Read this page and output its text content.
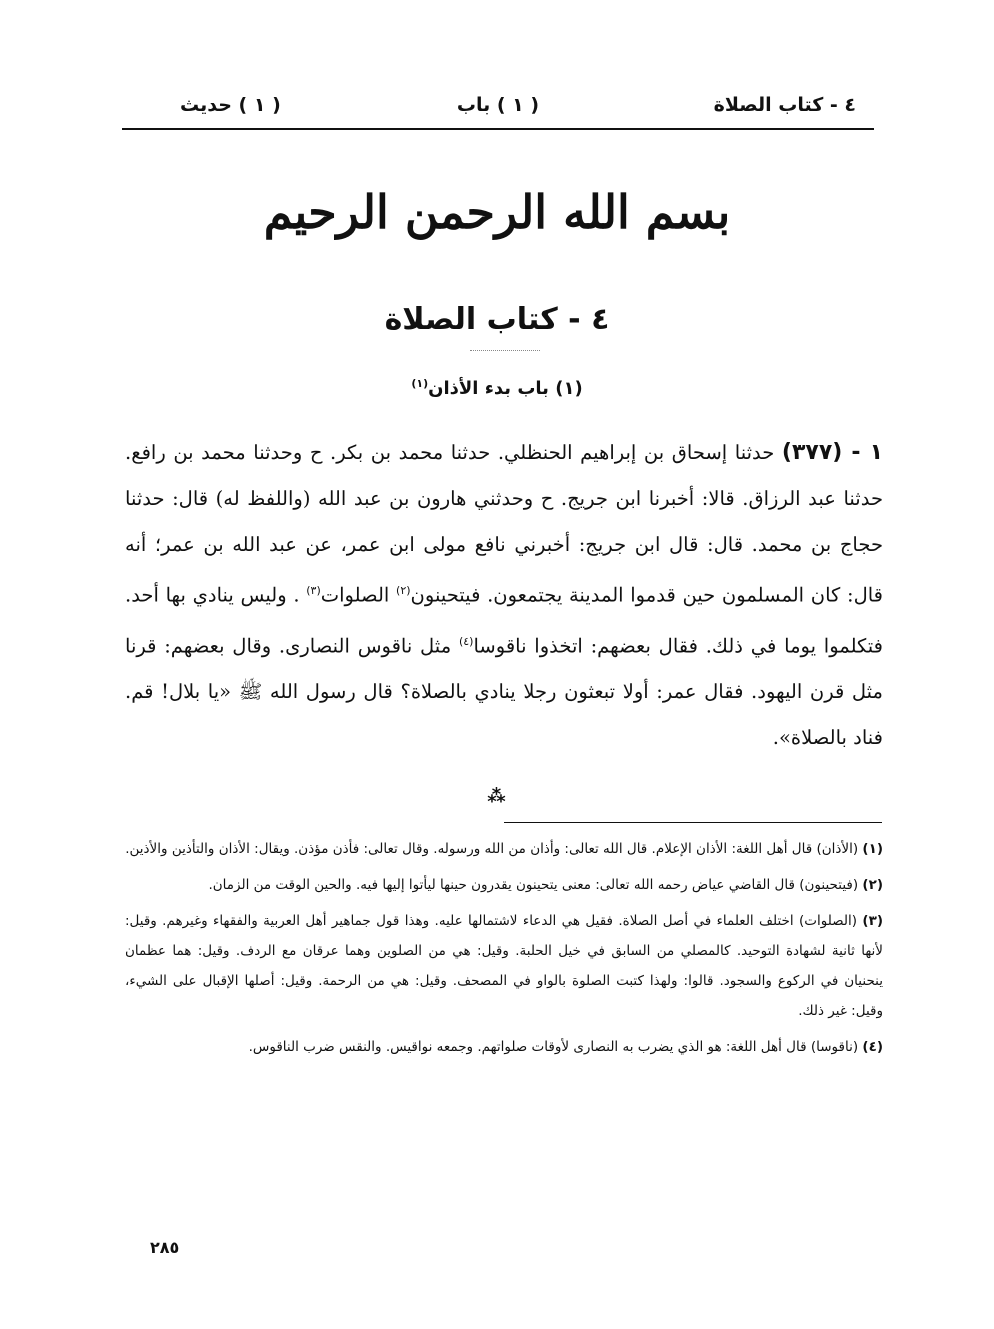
٤ - كتاب الصلاة
( ١ ) باب
( ١ ) حديث
بسم الله الرحمن الرحيم
٤ - كتاب الصلاة
(١) باب بدء الأذان$^{(١)}$
١ - (٣٧٧) حدثنا إسحاق بن إبراهيم الحنظلي. حدثنا محمد بن بكر. ح وحدثنا محمد بن رافع. حدثنا عبد الرزاق. قالا: أخبرنا ابن جريج. ح وحدثني هارون بن عبد الله (واللفظ له) قال: حدثنا حجاج بن محمد. قال: قال ابن جريج: أخبرني نافع مولى ابن عمر، عن عبد الله بن عمر؛ أنه قال: كان المسلمون حين قدموا المدينة يجتمعون. فيتحينون$^{(٢)}$ الصلوات$^{(٣)}$ . وليس ينادي بها أحد. فتكلموا يوما في ذلك. فقال بعضهم: اتخذوا ناقوسا$^{(٤)}$ مثل ناقوس النصارى. وقال بعضهم: قرنا مثل قرن اليهود. فقال عمر: أولا تبعثون رجلا ينادي بالصلاة؟ قال رسول الله ﷺ «يا بلال! قم. فناد بالصلاة».
⁂

(١) (الأذان) قال أهل اللغة: الأذان الإعلام. قال الله تعالى: وأذان من الله ورسوله. وقال تعالى: فأذن مؤذن. ويقال: الأذان والتأذين والأذين.

(٢) (فيتحينون) قال القاضي عياض رحمه الله تعالى: معنى يتحينون يقدرون حينها ليأتوا إليها فيه. والحين الوقت من الزمان.

(٣) (الصلوات) اختلف العلماء في أصل الصلاة. فقيل هي الدعاء لاشتمالها عليه. وهذا قول جماهير أهل العربية والفقهاء وغيرهم. وقيل: لأنها ثانية لشهادة التوحيد. كالمصلي من السابق في خيل الحلبة. وقيل: هي من الصلوين وهما عرقان مع الردف. وقيل: هما عظمان ينحنيان في الركوع والسجود. قالوا: ولهذا كتبت الصلوة بالواو في المصحف. وقيل: هي من الرحمة. وقيل: أصلها الإقبال على الشيء، وقيل: غير ذلك.

(٤) (ناقوسا) قال أهل اللغة: هو الذي يضرب به النصارى لأوقات صلواتهم. وجمعه نواقيس. والنقس ضرب الناقوس.

٢٨٥
